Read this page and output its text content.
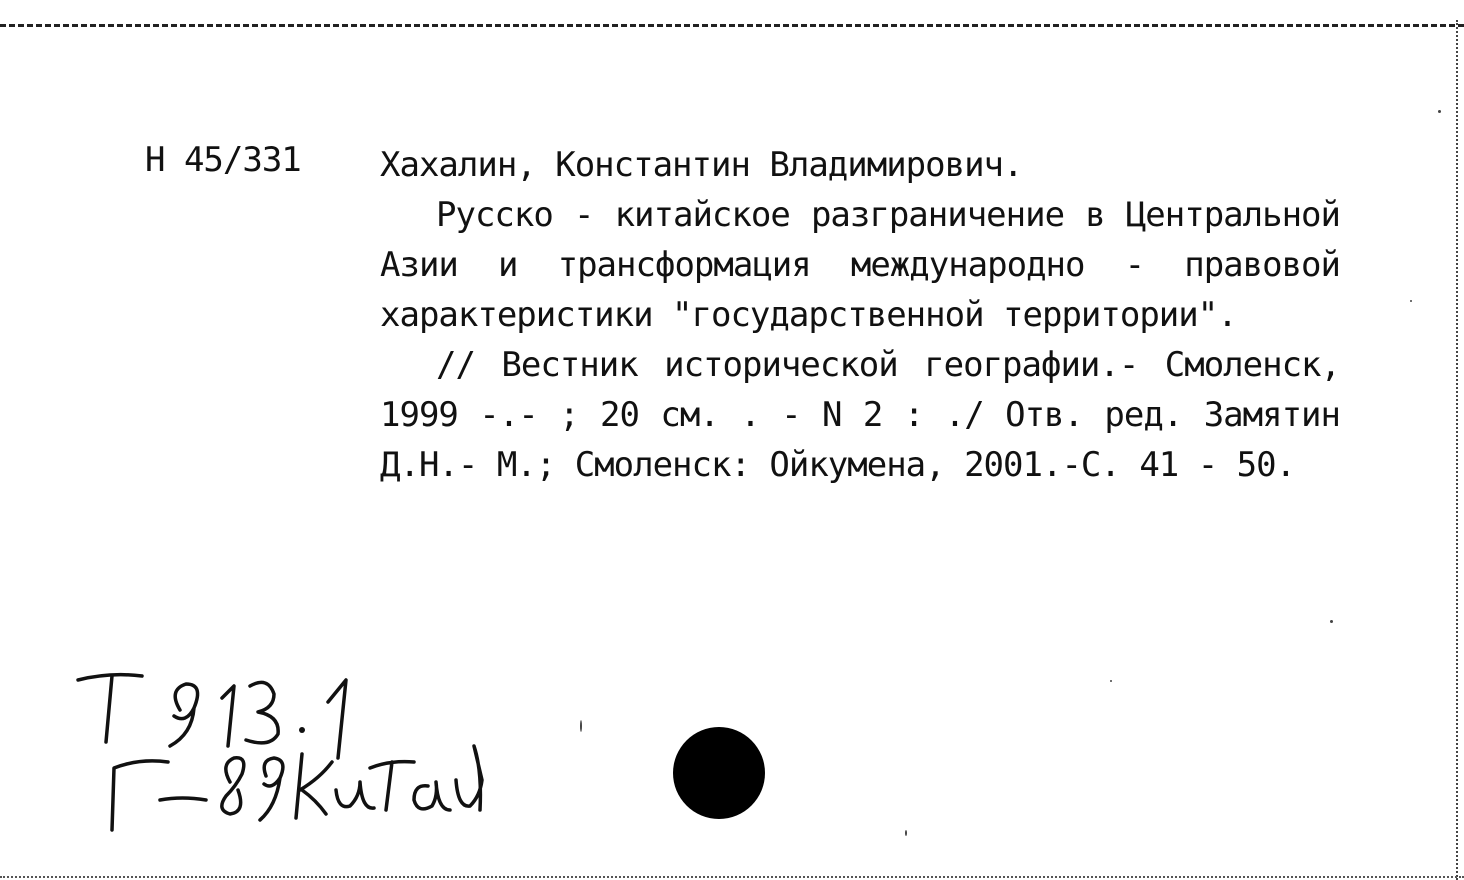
Н 45/331 Хахалин, Константин Владимирович.
Русско - китайское разграничение в Центральной Азии и трансформация международно - правовой характеристики "государственной территории".
// Вестник исторической географии.- Смоленск, 1999 -.- ; 20 см. . - N 2 : ./ Отв. ред. Замятин Д.Н.- М.; Смоленск: Ойкумена, 2001.-С. 41 - 50.
